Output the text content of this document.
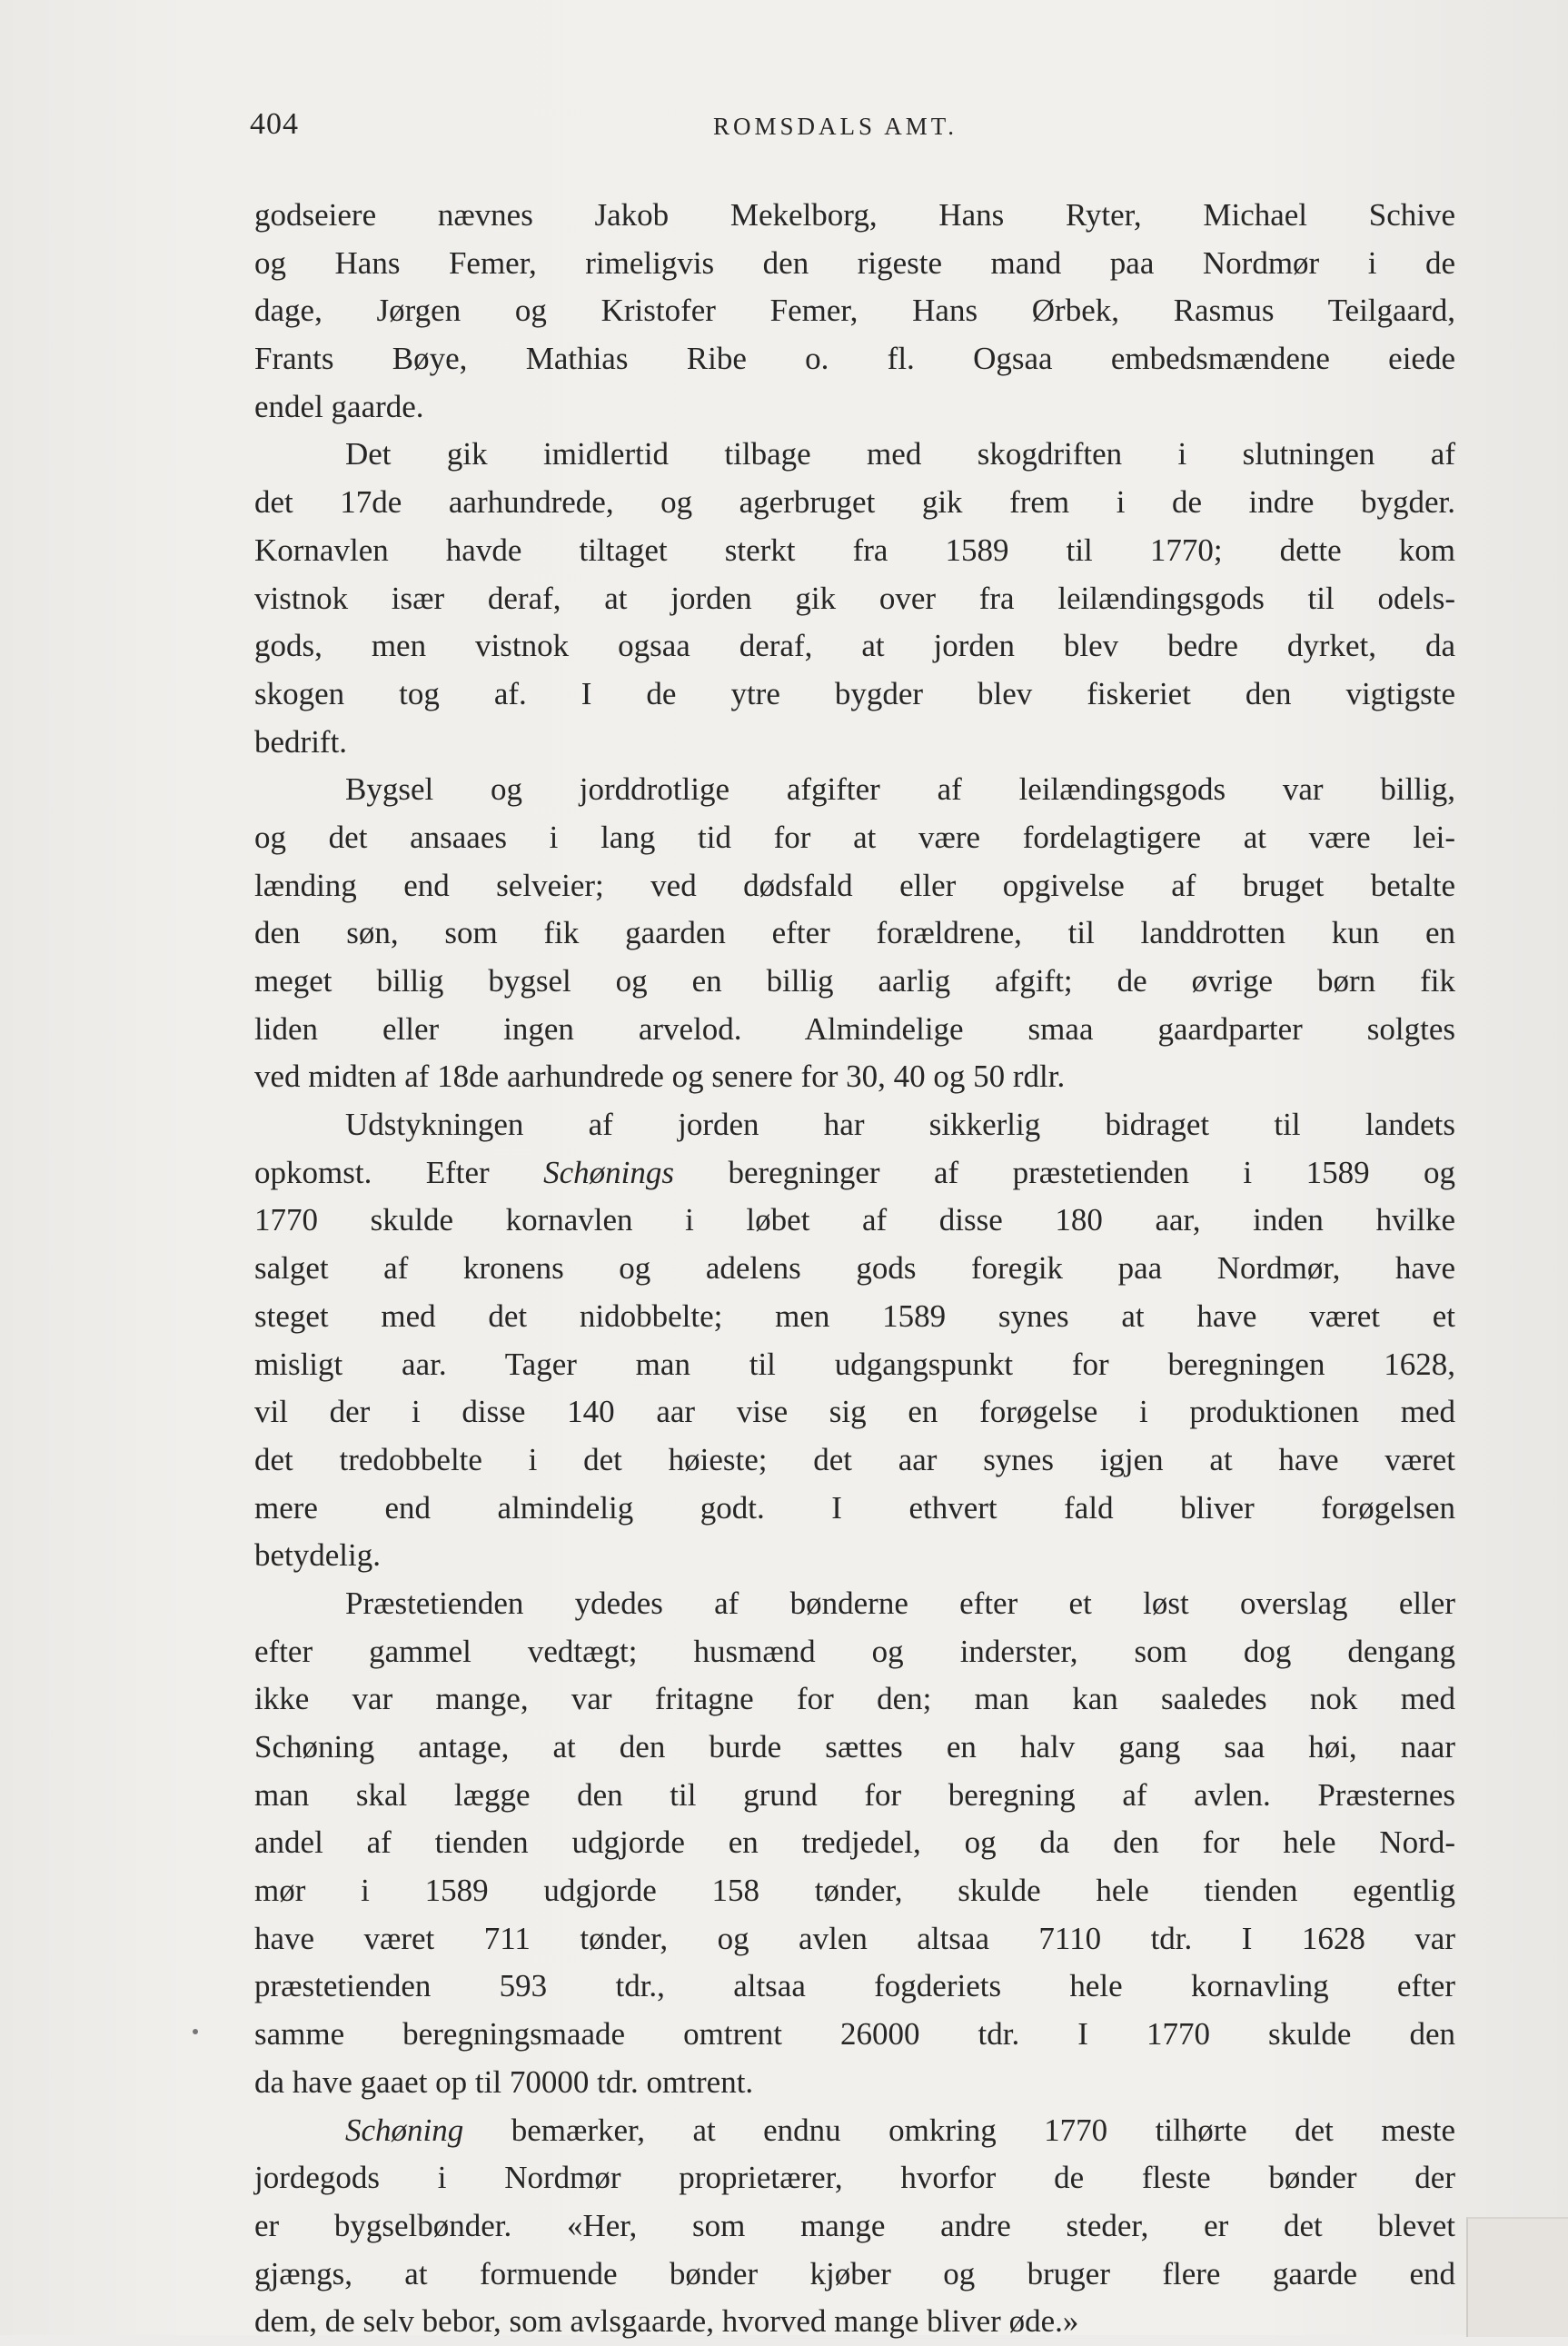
404	ROMSDALS AMT.
godseiere nævnes Jakob Mekelborg, Hans Ryter, Michael Schive
og Hans Femer, rimeligvis den rigeste mand paa Nordmør i de
dage, Jørgen og Kristofer Femer, Hans Ørbek, Rasmus Teilgaard,
Frants Bøye, Mathias Ribe o. fl. Ogsaa embedsmændene eiede
endel gaarde.
Det gik imidlertid tilbage med skogdriften i slutningen af
det 17de aarhundrede, og agerbruget gik frem i de indre bygder.
Kornavlen havde tiltaget sterkt fra 1589 til 1770; dette kom
vistnok især deraf, at jorden gik over fra leilændingsgods til odels-
gods, men vistnok ogsaa deraf, at jorden blev bedre dyrket, da
skogen tog af. I de ytre bygder blev fiskeriet den vigtigste
bedrift.
Bygsel og jorddrotlige afgifter af leilændingsgods var billig,
og det ansaaes i lang tid for at være fordelagtigere at være lei-
lænding end selveier; ved dødsfald eller opgivelse af bruget betalte
den søn, som fik gaarden efter forældrene, til landdrotten kun en
meget billig bygsel og en billig aarlig afgift; de øvrige børn fik
liden eller ingen arvelod. Almindelige smaa gaardparter solgtes
ved midten af 18de aarhundrede og senere for 30, 40 og 50 rdlr.
Udstykningen af jorden har sikkerlig bidraget til landets
opkomst. Efter Schønings beregninger af præstetienden i 1589 og
1770 skulde kornavlen i løbet af disse 180 aar, inden hvilke
salget af kronens og adelens gods foregik paa Nordmør, have
steget med det nidobbelte; men 1589 synes at have været et
misligt aar. Tager man til udgangspunkt for beregningen 1628,
vil der i disse 140 aar vise sig en forøgelse i produktionen med
det tredobbelte i det høieste; det aar synes igjen at have været
mere end almindelig godt. I ethvert fald bliver forøgelsen
betydelig.
Præstetienden ydedes af bønderne efter et løst overslag eller
efter gammel vedtægt; husmænd og inderster, som dog dengang
ikke var mange, var fritagne for den; man kan saaledes nok med
Schøning antage, at den burde sættes en halv gang saa høi, naar
man skal lægge den til grund for beregning af avlen. Præsternes
andel af tienden udgjorde en tredjedel, og da den for hele Nord-
mør i 1589 udgjorde 158 tønder, skulde hele tienden egentlig
have været 711 tønder, og avlen altsaa 7110 tdr. I 1628 var
præstetienden 593 tdr., altsaa fogderiets hele kornavling efter
samme beregningsmaade omtrent 26000 tdr. I 1770 skulde den
da have gaaet op til 70000 tdr. omtrent.
Schøning bemærker, at endnu omkring 1770 tilhørte det meste
jordegods i Nordmør proprietærer, hvorfor de fleste bønder der
er bygselbønder. «Her, som mange andre steder, er det blevet
gjængs, at formuende bønder kjøber og bruger flere gaarde end
dem, de selv bebor, som avlsgaarde, hvorved mange bliver øde.»
